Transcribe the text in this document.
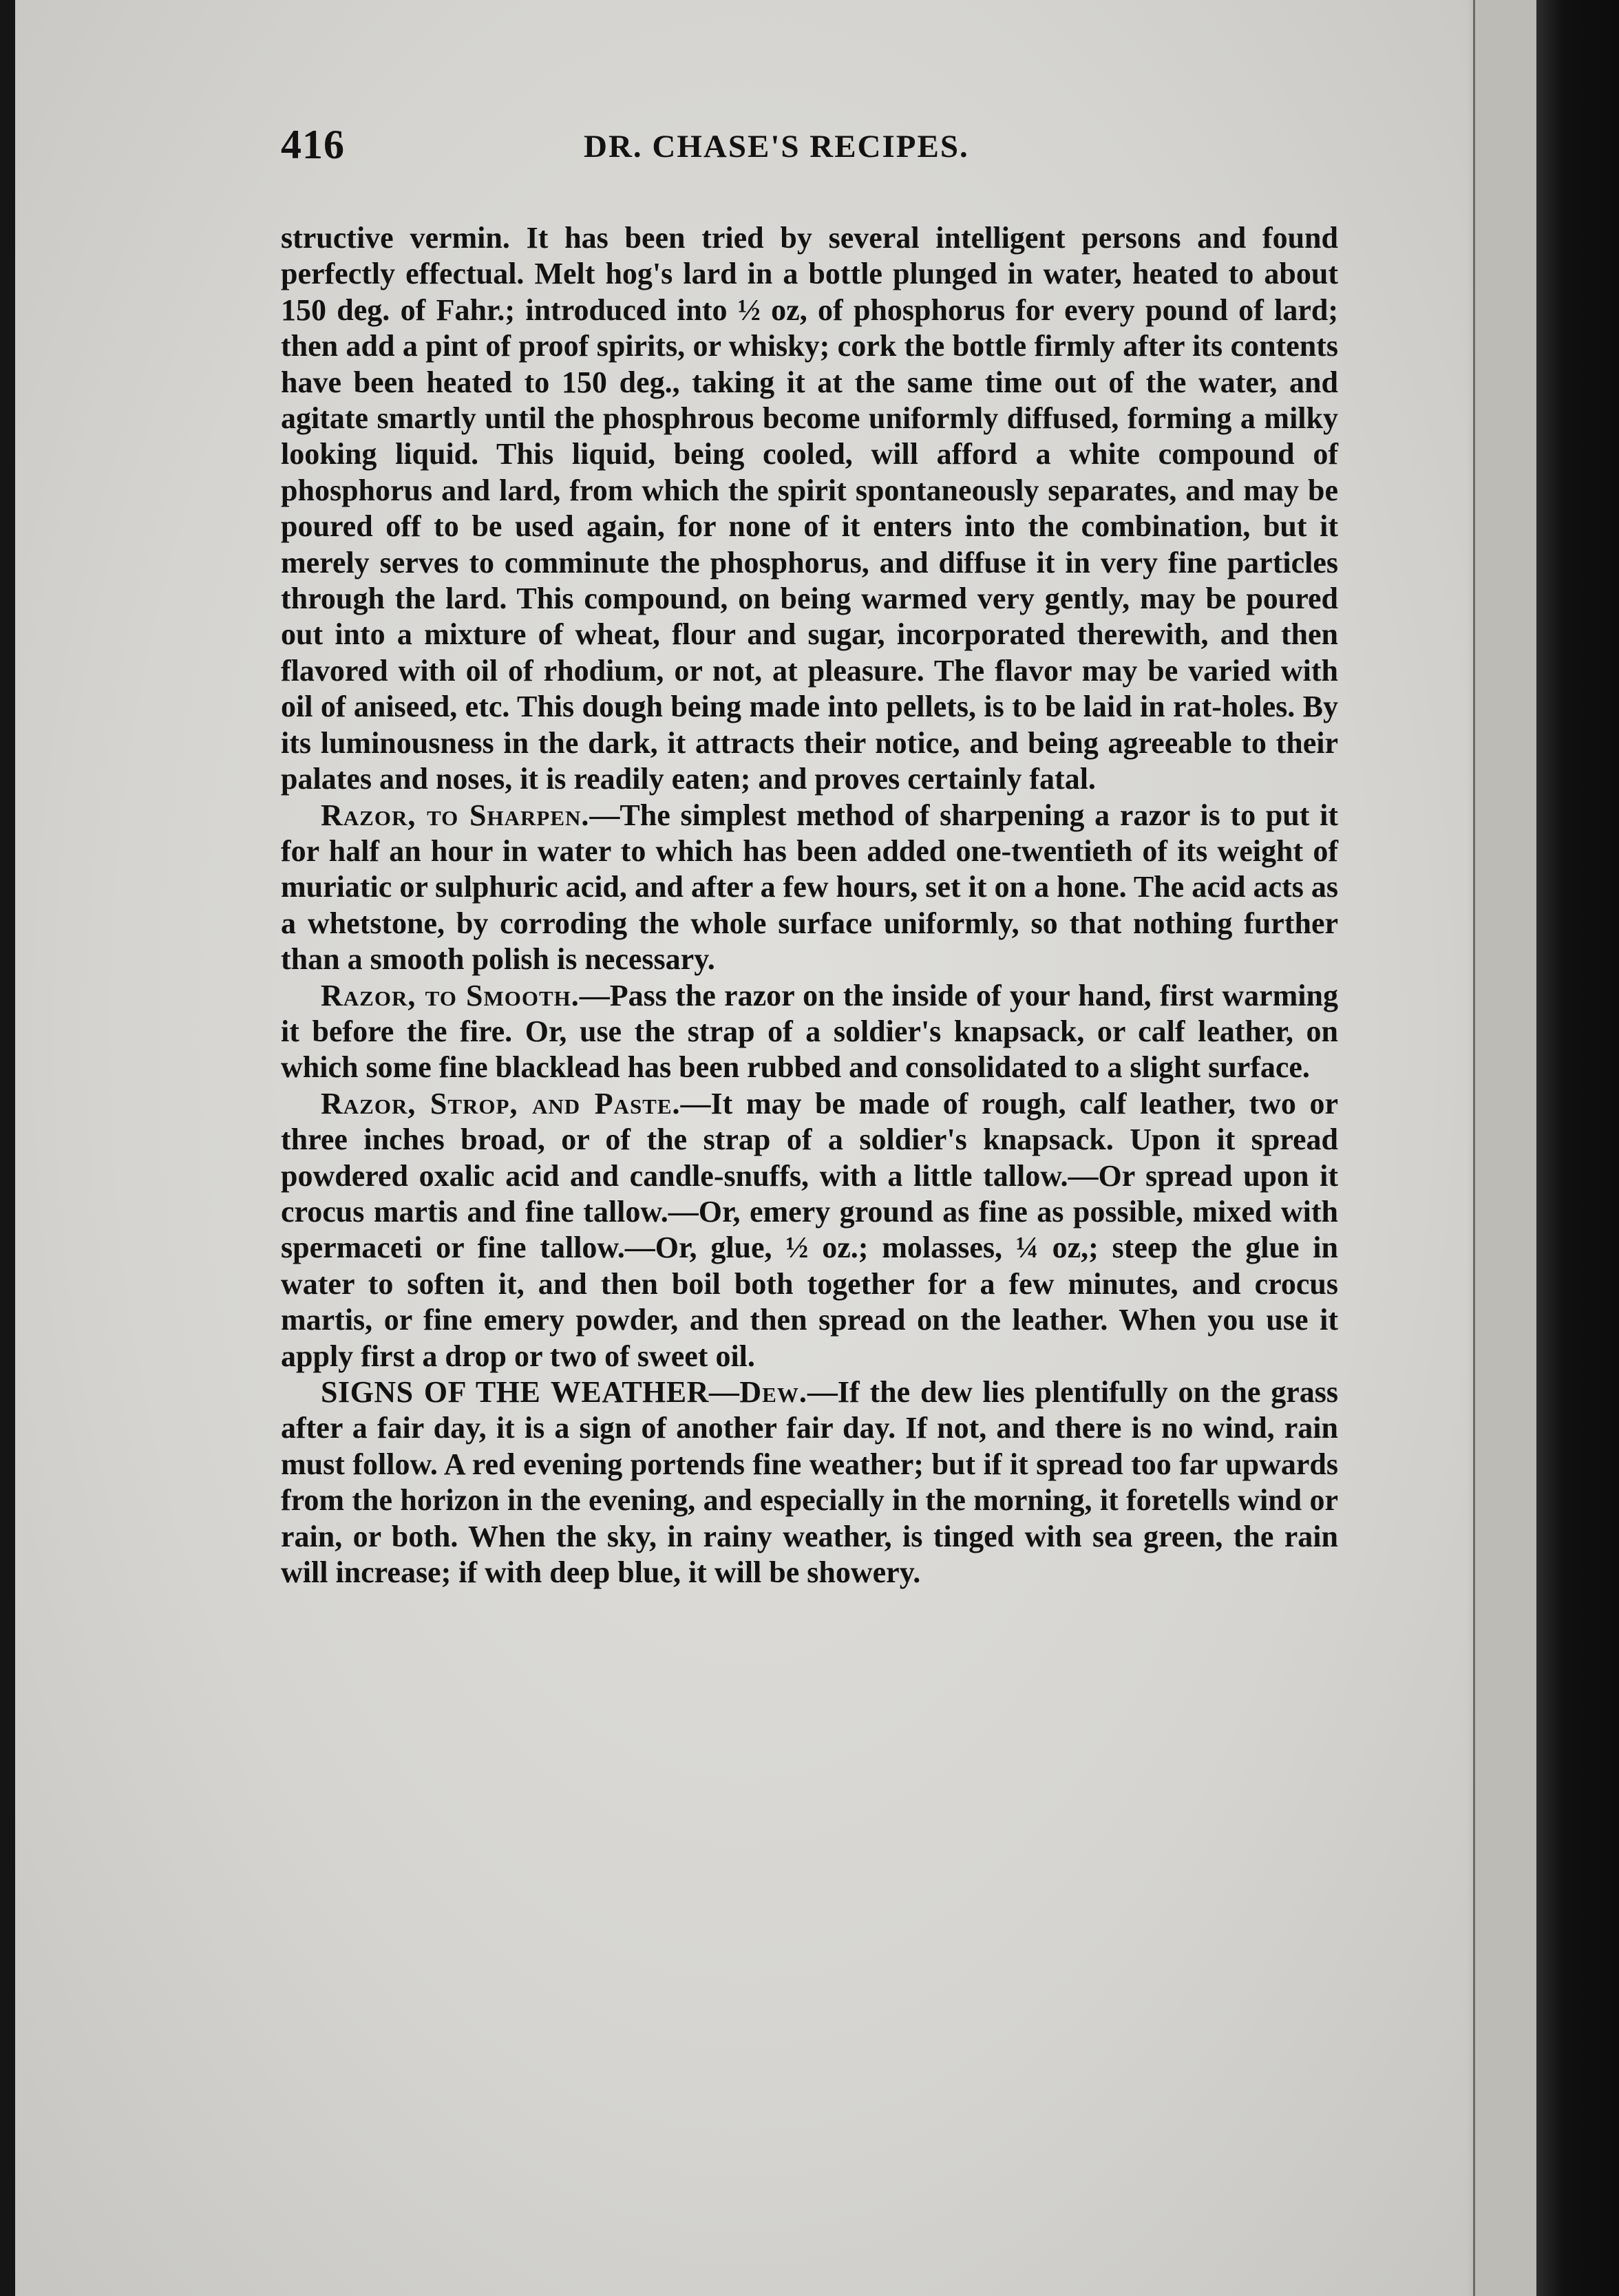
416	DR. CHASE'S RECIPES.

structive vermin. It has been tried by several intelligent persons and found perfectly effectual. Melt hog's lard in a bottle plunged in water, heated to about 150 deg. of Fahr.; introduced into ½ oz, of phosphorus for every pound of lard; then add a pint of proof spirits, or whisky; cork the bottle firmly after its contents have been heated to 150 deg., taking it at the same time out of the water, and agitate smartly until the phosphrous become uniformly diffused, forming a milky looking liquid. This liquid, being cooled, will afford a white compound of phosphorus and lard, from which the spirit spontaneously separates, and may be poured off to be used again, for none of it enters into the combination, but it merely serves to comminute the phosphorus, and diffuse it in very fine particles through the lard. This compound, on being warmed very gently, may be poured out into a mixture of wheat, flour and sugar, incorporated therewith, and then flavored with oil of rhodium, or not, at pleasure. The flavor may be varied with oil of aniseed, etc. This dough being made into pellets, is to be laid in rat-holes. By its luminousness in the dark, it attracts their notice, and being agreeable to their palates and noses, it is readily eaten; and proves certainly fatal.

Razor, to Sharpen.—The simplest method of sharpening a razor is to put it for half an hour in water to which has been added one-twentieth of its weight of muriatic or sulphuric acid, and after a few hours, set it on a hone. The acid acts as a whetstone, by corroding the whole surface uniformly, so that nothing further than a smooth polish is necessary.

Razor, to Smooth.—Pass the razor on the inside of your hand, first warming it before the fire. Or, use the strap of a soldier's knapsack, or calf leather, on which some fine blacklead has been rubbed and consolidated to a slight surface.

Razor, Strop, and Paste.—It may be made of rough, calf leather, two or three inches broad, or of the strap of a soldier's knapsack. Upon it spread powdered oxalic acid and candle-snuffs, with a little tallow.—Or spread upon it crocus martis and fine tallow.—Or, emery ground as fine as possible, mixed with spermaceti or fine tallow.—Or, glue, ½ oz.; molasses, ¼ oz,; steep the glue in water to soften it, and then boil both together for a few minutes, and crocus martis, or fine emery powder, and then spread on the leather. When you use it apply first a drop or two of sweet oil.

SIGNS OF THE WEATHER—Dew.—If the dew lies plentifully on the grass after a fair day, it is a sign of another fair day. If not, and there is no wind, rain must follow. A red evening portends fine weather; but if it spread too far upwards from the horizon in the evening, and especially in the morning, it foretells wind or rain, or both. When the sky, in rainy weather, is tinged with sea green, the rain will increase; if with deep blue, it will be showery.
